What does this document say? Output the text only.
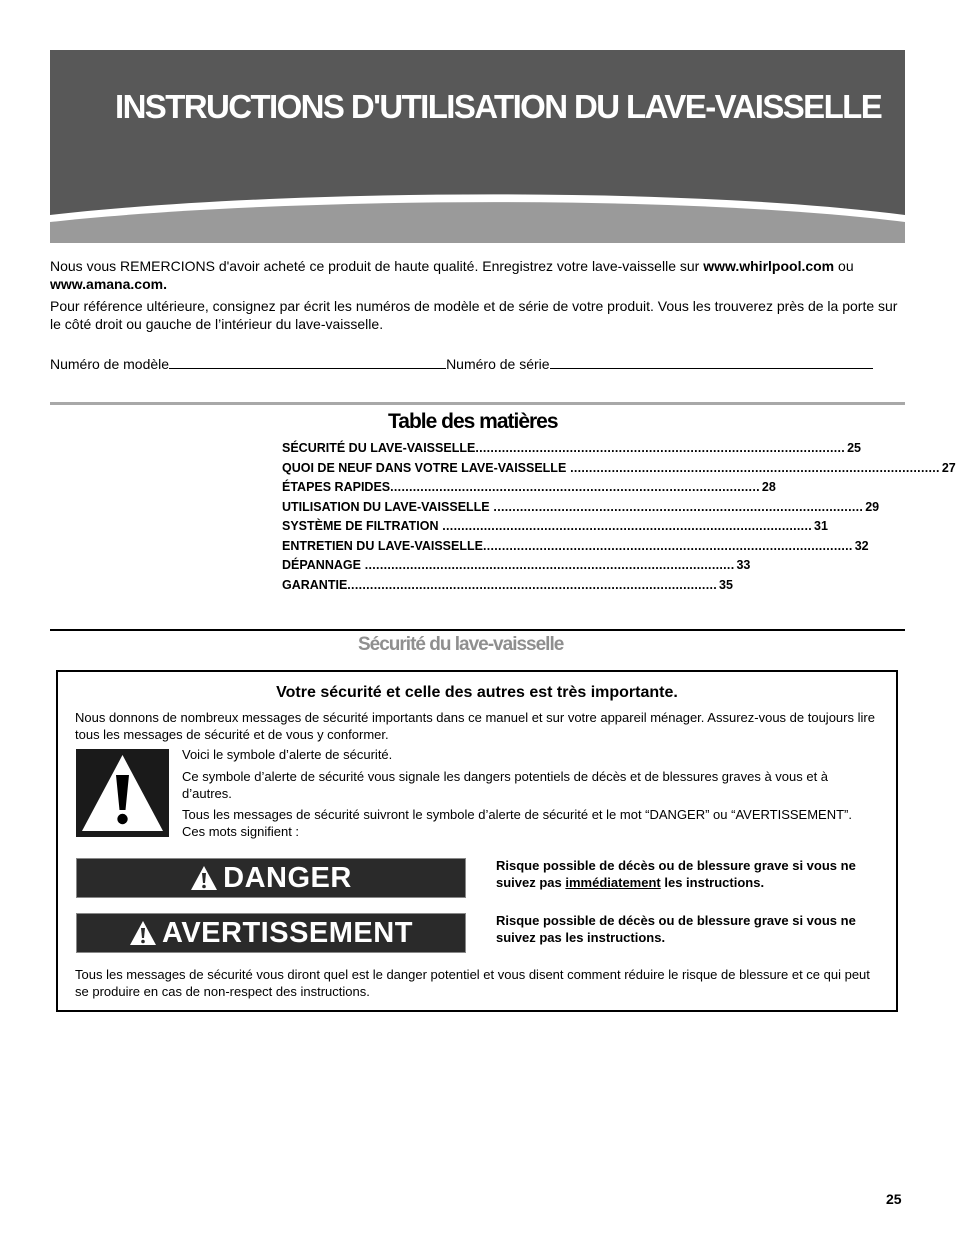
INSTRUCTIONS D'UTILISATION DU LAVE-VAISSELLE
Nous vous REMERCIONS d'avoir acheté ce produit de haute qualité. Enregistrez votre lave-vaisselle sur www.whirlpool.com ou www.amana.com.
Pour référence ultérieure, consignez par écrit les numéros de modèle et de série de votre produit. Vous les trouverez près de la porte sur le côté droit ou gauche de l’intérieur du lave-vaisselle.
Numéro de modèle	Numéro de série
Table des matières
SÉCURITÉ DU LAVE-VAISSELLE .................................................................................................. 25
QUOI DE NEUF DANS VOTRE LAVE-VAISSELLE .................................................................................................. 27
ÉTAPES RAPIDES .................................................................................................. 28
UTILISATION DU LAVE-VAISSELLE .................................................................................................. 29
SYSTÈME DE FILTRATION .................................................................................................. 31
ENTRETIEN DU LAVE-VAISSELLE .................................................................................................. 32
DÉPANNAGE .................................................................................................. 33
GARANTIE .................................................................................................. 35
Sécurité du lave-vaisselle
Votre sécurité et celle des autres est très importante.
Nous donnons de nombreux messages de sécurité importants dans ce manuel et sur votre appareil ménager. Assurez-vous de toujours lire tous les messages de sécurité et de vous y conformer.
Voici le symbole d’alerte de sécurité.
Ce symbole d’alerte de sécurité vous signale les dangers potentiels de décès et de blessures graves à vous et à d’autres.
Tous les messages de sécurité suivront le symbole d’alerte de sécurité et le mot “DANGER” ou “AVERTISSEMENT”. Ces mots signifient :
DANGER	Risque possible de décès ou de blessure grave si vous ne suivez pas immédiatement les instructions.
AVERTISSEMENT	Risque possible de décès ou de blessure grave si vous ne suivez pas les instructions.
Tous les messages de sécurité vous diront quel est le danger potentiel et vous disent comment réduire le risque de blessure et ce qui peut se produire en cas de non-respect des instructions.
25
